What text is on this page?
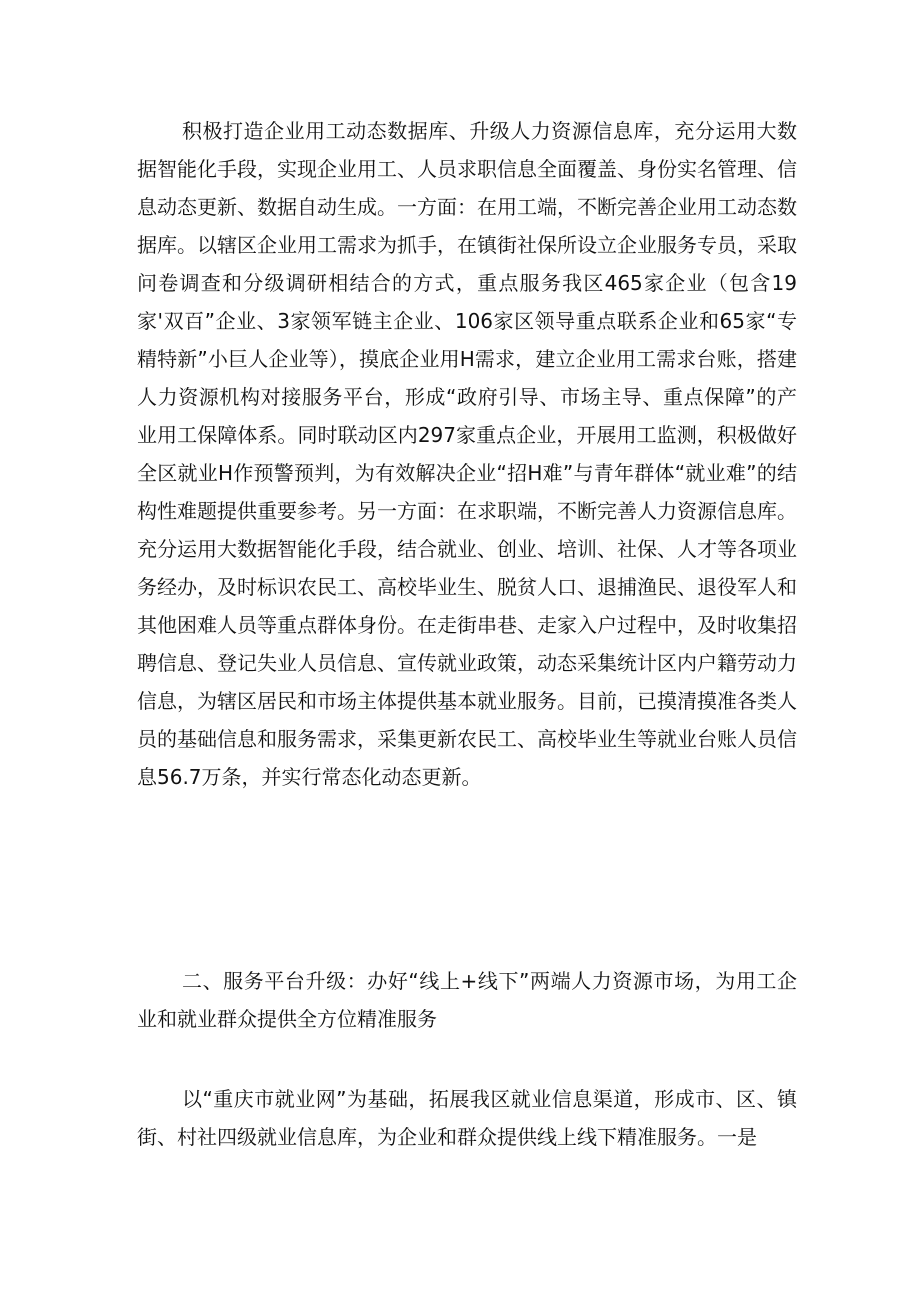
积极打造企业用工动态数据库、升级人力资源信息库，充分运用大数据智能化手段，实现企业用工、人员求职信息全面覆盖、身份实名管理、信息动态更新、数据自动生成。一方面：在用工端，不断完善企业用工动态数据库。以辖区企业用工需求为抓手，在镇街社保所设立企业服务专员，采取问卷调查和分级调研相结合的方式，重点服务我区465家企业（包含19家'双百”企业、3家领军链主企业、106家区领导重点联系企业和65家“专精特新”小巨人企业等），摸底企业用H需求，建立企业用工需求台账，搭建人力资源机构对接服务平台，形成“政府引导、市场主导、重点保障”的产业用工保障体系。同时联动区内297家重点企业，开展用工监测，积极做好全区就业H作预警预判，为有效解决企业“招H难”与青年群体“就业难”的结构性难题提供重要参考。另一方面：在求职端，不断完善人力资源信息库。充分运用大数据智能化手段，结合就业、创业、培训、社保、人才等各项业务经办，及时标识农民工、高校毕业生、脱贫人口、退捕渔民、退役军人和其他困难人员等重点群体身份。在走街串巷、走家入户过程中，及时收集招聘信息、登记失业人员信息、宣传就业政策，动态采集统计区内户籍劳动力信息，为辖区居民和市场主体提供基本就业服务。目前，已摸清摸准各类人员的基础信息和服务需求，采集更新农民工、高校毕业生等就业台账人员信息56.7万条，并实行常态化动态更新。

二、服务平台升级：办好“线上+线下”两端人力资源市场，为用工企业和就业群众提供全方位精准服务

以“重庆市就业网”为基础，拓展我区就业信息渠道，形成市、区、镇街、村社四级就业信息库，为企业和群众提供线上线下精准服务。一是
